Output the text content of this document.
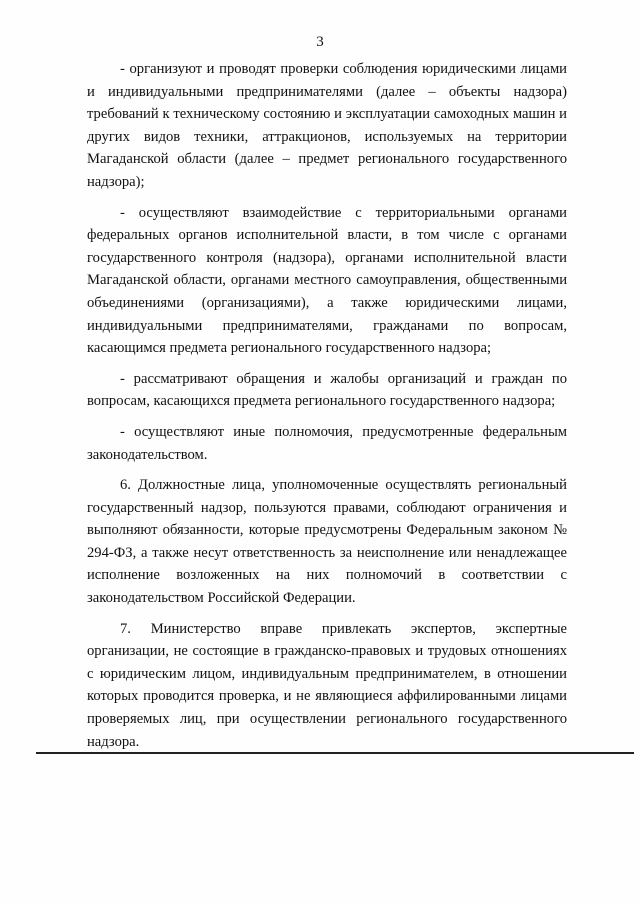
3

- организуют и проводят проверки соблюдения юридическими лицами и индивидуальными предпринимателями (далее – объекты надзора) требований к техническому состоянию и эксплуатации самоходных машин и других видов техники, аттракционов, используемых на территории Магаданской области (далее – предмет регионального государственного надзора);

- осуществляют взаимодействие с территориальными органами федеральных органов исполнительной власти, в том числе с органами государственного контроля (надзора), органами исполнительной власти Магаданской области, органами местного самоуправления, общественными объединениями (организациями), а также юридическими лицами, индивидуальными предпринимателями, гражданами по вопросам, касающимся предмета регионального государственного надзора;

- рассматривают обращения и жалобы организаций и граждан по вопросам, касающихся предмета регионального государственного надзора;

- осуществляют иные полномочия, предусмотренные федеральным законодательством.

6. Должностные лица, уполномоченные осуществлять региональный государственный надзор, пользуются правами, соблюдают ограничения и выполняют обязанности, которые предусмотрены Федеральным законом № 294-ФЗ, а также несут ответственность за неисполнение или ненадлежащее исполнение возложенных на них полномочий в соответствии с законодательством Российской Федерации.

7. Министерство вправе привлекать экспертов, экспертные организации, не состоящие в гражданско-правовых и трудовых отношениях с юридическим лицом, индивидуальным предпринимателем, в отношении которых проводится проверка, и не являющиеся аффилированными лицами проверяемых лиц, при осуществлении регионального государственного надзора.
